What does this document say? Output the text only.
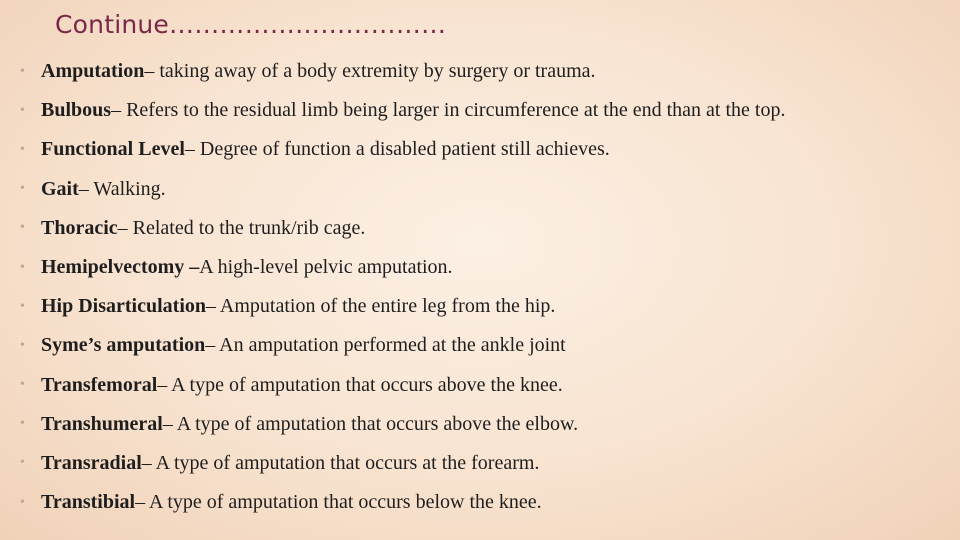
Continue……………………………
• Amputation – taking away of a body extremity by surgery or trauma.
• Bulbous – Refers to the residual limb being larger in circumference at the end than at the top.
• Functional Level – Degree of function a disabled patient still achieves.
• Gait – Walking.
• Thoracic – Related to the trunk/rib cage.
• Hemipelvectomy – A high-level pelvic amputation.
• Hip Disarticulation – Amputation of the entire leg from the hip.
• Syme’s amputation – An amputation performed at the ankle joint
• Transfemoral – A type of amputation that occurs above the knee.
• Transhumeral – A type of amputation that occurs above the elbow.
• Transradial – A type of amputation that occurs at the forearm.
• Transtibial – A type of amputation that occurs below the knee.
